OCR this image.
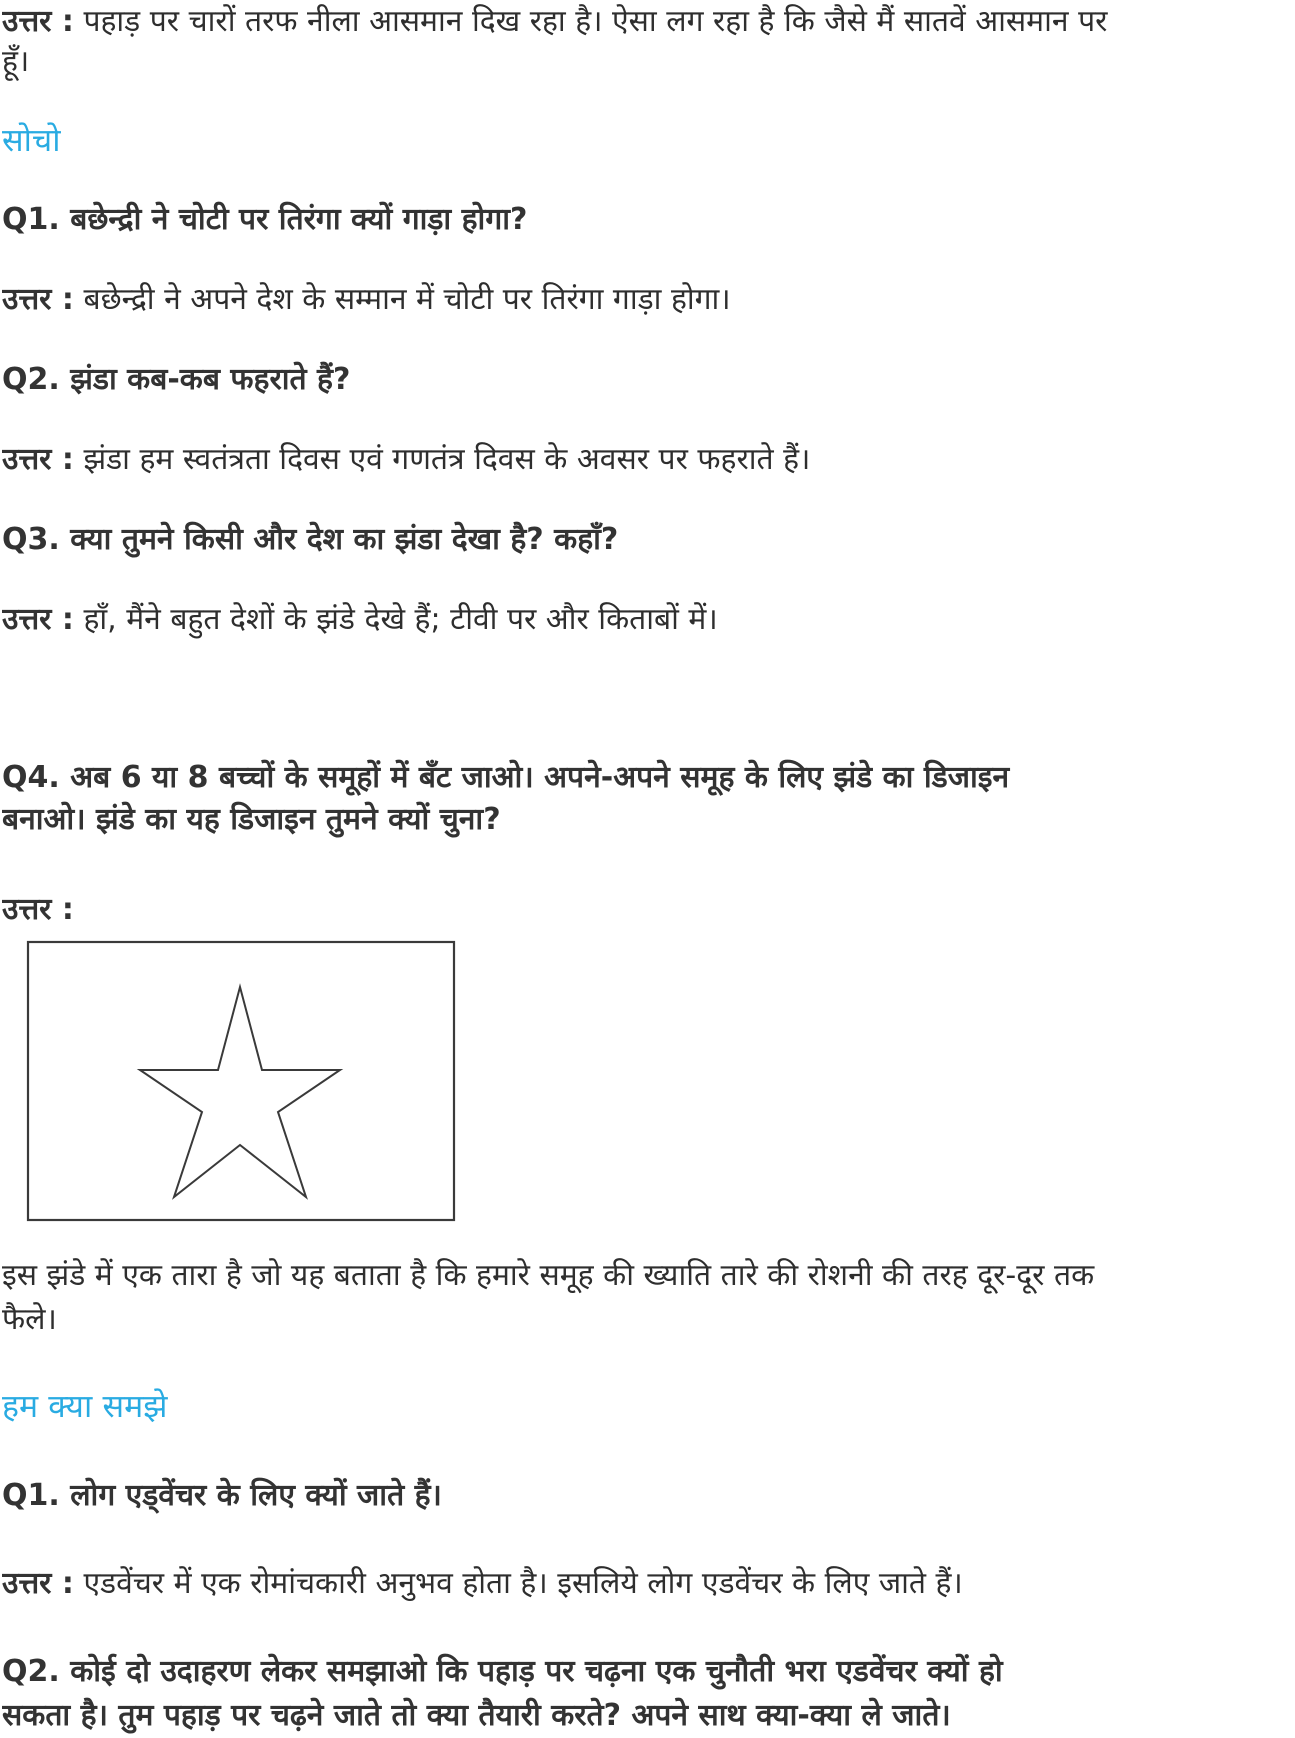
उत्तर : पहाड़ पर चारों तरफ नीला आसमान दिख रहा है। ऐसा लग रहा है कि जैसे मैं सातवें आसमान पर
हूँ।
सोचो
Q1. बछेन्द्री ने चोटी पर तिरंगा क्यों गाड़ा होगा?
उत्तर : बछेन्द्री ने अपने देश के सम्मान में चोटी पर तिरंगा गाड़ा होगा।
Q2. झंडा कब-कब फहराते हैं?
उत्तर : झंडा हम स्वतंत्रता दिवस एवं गणतंत्र दिवस के अवसर पर फहराते हैं।
Q3. क्या तुमने किसी और देश का झंडा देखा है? कहाँ?
उत्तर : हाँ, मैंने बहुत देशों के झंडे देखे हैं; टीवी पर और किताबों में।
Q4. अब 6 या 8 बच्चों के समूहों में बँट जाओ। अपने-अपने समूह के लिए झंडे का डिजाइन
बनाओ। झंडे का यह डिजाइन तुमने क्यों चुना?
उत्तर :
इस झंडे में एक तारा है जो यह बताता है कि हमारे समूह की ख्याति तारे की रोशनी की तरह दूर-दूर तक
फैले।
हम क्या समझे
Q1. लोग एड्वेंचर के लिए क्यों जाते हैं।
उत्तर : एडवेंचर में एक रोमांचकारी अनुभव होता है। इसलिये लोग एडवेंचर के लिए जाते हैं।
Q2. कोई दो उदाहरण लेकर समझाओ कि पहाड़ पर चढ़ना एक चुनौती भरा एडवेंचर क्यों हो
सकता है। तुम पहाड़ पर चढ़ने जाते तो क्या तैयारी करते? अपने साथ क्या-क्या ले जाते।
